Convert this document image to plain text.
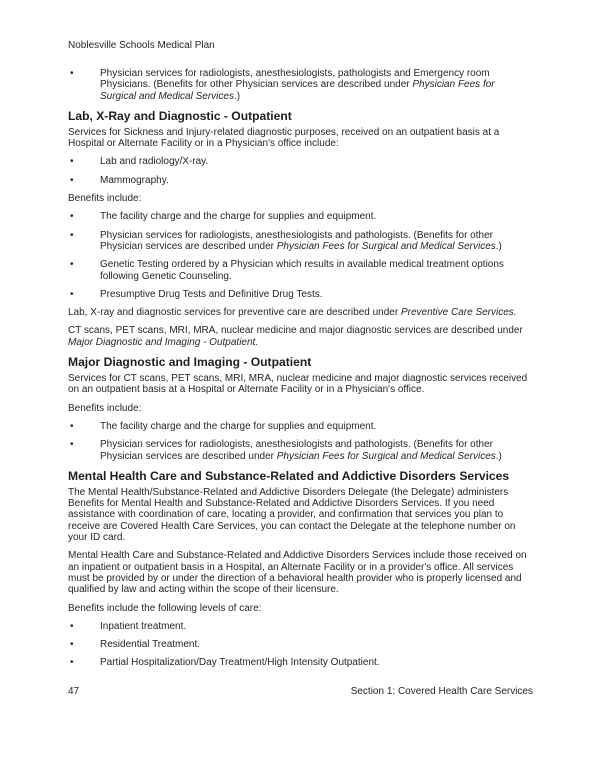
Noblesville Schools Medical Plan
•	Physician services for radiologists, anesthesiologists, pathologists and Emergency room Physicians. (Benefits for other Physician services are described under Physician Fees for Surgical and Medical Services.)
Lab, X-Ray and Diagnostic - Outpatient

Services for Sickness and Injury-related diagnostic purposes, received on an outpatient basis at a Hospital or Alternate Facility or in a Physician's office include:

•	Lab and radiology/X-ray.
•	Mammography.

Benefits include:

•	The facility charge and the charge for supplies and equipment.
•	Physician services for radiologists, anesthesiologists and pathologists. (Benefits for other Physician services are described under Physician Fees for Surgical and Medical Services.)
•	Genetic Testing ordered by a Physician which results in available medical treatment options following Genetic Counseling.
•	Presumptive Drug Tests and Definitive Drug Tests.

Lab, X-ray and diagnostic services for preventive care are described under Preventive Care Services.

CT scans, PET scans, MRI, MRA, nuclear medicine and major diagnostic services are described under Major Diagnostic and Imaging - Outpatient.

Major Diagnostic and Imaging - Outpatient

Services for CT scans, PET scans, MRI, MRA, nuclear medicine and major diagnostic services received on an outpatient basis at a Hospital or Alternate Facility or in a Physician's office.

Benefits include:

•	The facility charge and the charge for supplies and equipment.
•	Physician services for radiologists, anesthesiologists and pathologists. (Benefits for other Physician services are described under Physician Fees for Surgical and Medical Services.)
Mental Health Care and Substance-Related and Addictive Disorders Services

The Mental Health/Substance-Related and Addictive Disorders Delegate (the Delegate) administers Benefits for Mental Health and Substance-Related and Addictive Disorders Services. If you need assistance with coordination of care, locating a provider, and confirmation that services you plan to receive are Covered Health Care Services, you can contact the Delegate at the telephone number on your ID card.

Mental Health Care and Substance-Related and Addictive Disorders Services include those received on an inpatient or outpatient basis in a Hospital, an Alternate Facility or in a provider's office. All services must be provided by or under the direction of a behavioral health provider who is properly licensed and qualified by law and acting within the scope of their licensure.

Benefits include the following levels of care:

•	Inpatient treatment.
•	Residential Treatment.
•	Partial Hospitalization/Day Treatment/High Intensity Outpatient.
47	Section 1: Covered Health Care Services
